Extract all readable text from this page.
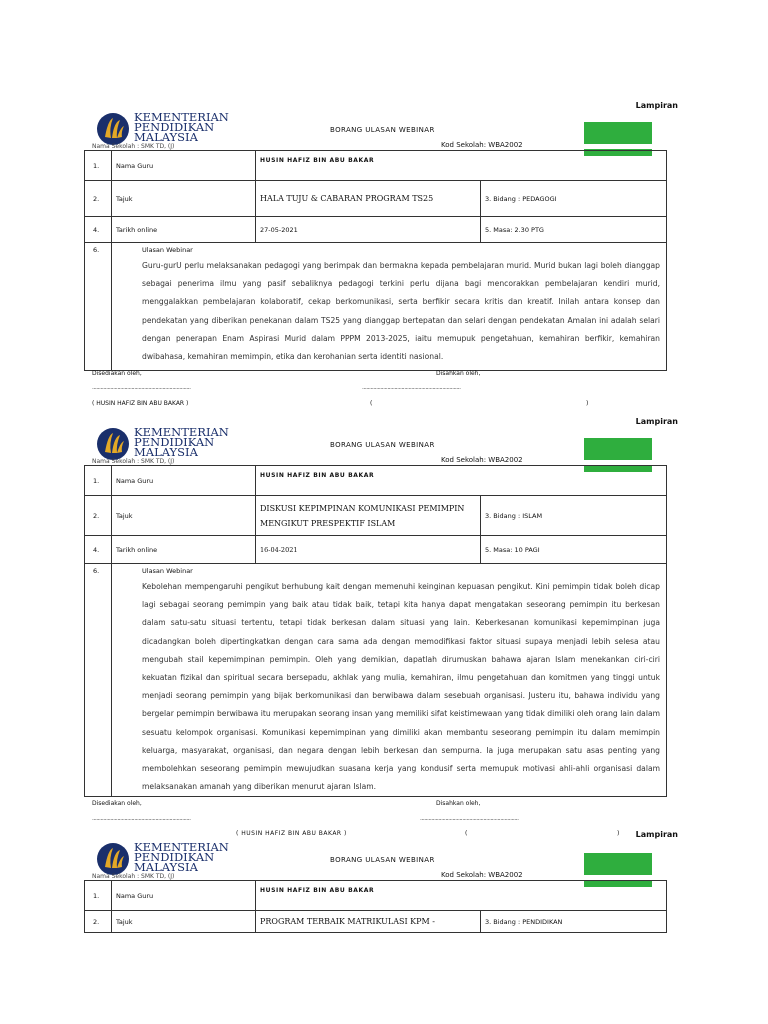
Lampiran
KEMENTERIAN
PENDIDIKAN
MALAYSIA	BORANG ULASAN WEBINAR
Nama Sekolah : SMK TD, (J)	Kod Sekolah: WBA2002
1.	Nama Guru	HUSIN HAFIZ BIN ABU BAKAR	
2.	Tajuk	HALA TUJU & CABARAN PROGRAM TS25	3. Bidang : PEDAGOGI
4.	Tarikh online	27-05-2021	5. Masa: 2.30 PTG
6.	Ulasan Webinar
Guru-gurU perlu melaksanakan pedagogi yang berimpak dan bermakna kepada pembelajaran murid. Murid bukan lagi boleh dianggap sebagai penerima ilmu yang pasif sebaliknya pedagogi terkini perlu dijana bagi mencorakkan pembelajaran kendiri murid, menggalakkan pembelajaran kolaboratif, cekap berkomunikasi, serta berfikir secara kritis dan kreatif. Inilah antara konsep dan pendekatan yang diberikan penekanan dalam TS25 yang dianggap bertepatan dan selari dengan pendekatan Amalan ini adalah selari dengan penerapan Enam Aspirasi Murid dalam PPPM 2013-2025, iaitu memupuk pengetahuan, kemahiran berfikir, kemahiran dwibahasa, kemahiran memimpin, etika dan kerohanian serta identiti nasional.		
Disediakan oleh,	Disahkan oleh,
......................................................................	......................................................................
( HUSIN HAFIZ BIN ABU BAKAR )	(	)
Lampiran
KEMENTERIAN
PENDIDIKAN
MALAYSIA	BORANG ULASAN WEBINAR
Nama Sekolah : SMK TD, (J)	Kod Sekolah: WBA2002
1.	Nama Guru	HUSIN HAFIZ BIN ABU BAKAR	
2.	Tajuk	DISKUSI KEPIMPINAN KOMUNIKASI PEMIMPIN MENGIKUT PRESPEKTIF ISLAM	3. Bidang : ISLAM
4.	Tarikh online	16-04-2021	5. Masa: 10 PAGI
6.	Ulasan Webinar
Kebolehan mempengaruhi pengikut berhubung kait dengan memenuhi keinginan kepuasan pengikut. Kini pemimpin tidak boleh dicap lagi sebagai seorang pemimpin yang baik atau tidak baik, tetapi kita hanya dapat mengatakan seseorang pemimpin itu berkesan dalam satu-satu situasi tertentu, tetapi tidak berkesan dalam situasi yang lain. Keberkesanan komunikasi kepemimpinan juga dicadangkan boleh dipertingkatkan dengan cara sama ada dengan memodifikasi faktor situasi supaya menjadi lebih selesa atau mengubah stail kepemimpinan pemimpin. Oleh yang demikian, dapatlah dirumuskan bahawa ajaran Islam menekankan ciri-ciri kekuatan fizikal dan spiritual secara bersepadu, akhlak yang mulia, kemahiran, ilmu pengetahuan dan komitmen yang tinggi untuk menjadi seorang pemimpin yang bijak berkomunikasi dan berwibawa dalam sesebuah organisasi. Justeru itu, bahawa individu yang bergelar pemimpin berwibawa itu merupakan seorang insan yang memiliki sifat keistimewaan yang tidak dimiliki oleh orang lain dalam sesuatu kelompok organisasi. Komunikasi kepemimpinan yang dimiliki akan membantu seseorang pemimpin itu dalam memimpin keluarga, masyarakat, organisasi, dan negara dengan lebih berkesan dan sempurna. Ia juga merupakan satu asas penting yang membolehkan seseorang pemimpin mewujudkan suasana kerja yang kondusif serta memupuk motivasi ahli-ahli organisasi dalam melaksanakan amanah yang diberikan menurut ajaran Islam.		
Disediakan oleh,	Disahkan oleh,
......................................................................	......................................................................
( HUSIN HAFIZ BIN ABU BAKAR )	(	) Lampiran
KEMENTERIAN
PENDIDIKAN
MALAYSIA	BORANG ULASAN WEBINAR
Nama Sekolah : SMK TD, (J)	Kod Sekolah: WBA2002
1.	Nama Guru	HUSIN HAFIZ BIN ABU BAKAR	
2.	Tajuk	PROGRAM TERBAIK MATRIKULASI KPM -	3. Bidang : PENDIDIKAN
